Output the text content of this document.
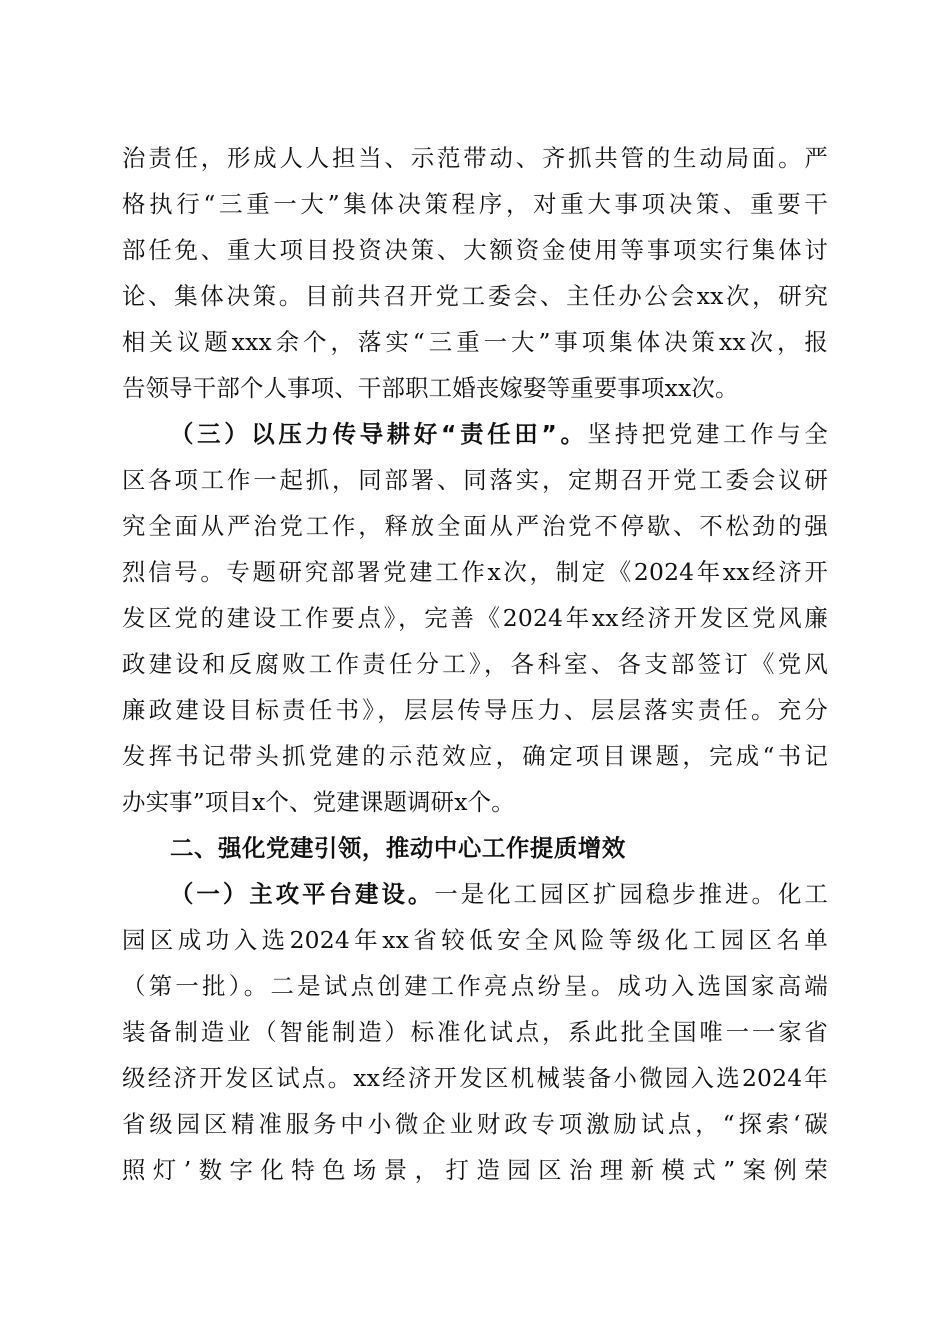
治责任，形成人人担当、示范带动、齐抓共管的生动局面。严
格执行“三重一大”集体决策程序，对重大事项决策、重要干
部任免、重大项目投资决策、大额资金使用等事项实行集体讨
论、集体决策。目前共召开党工委会、主任办公会xx次，研究
相关议题xxx余个，落实“三重一大”事项集体决策xx次，报
告领导干部个人事项、干部职工婚丧嫁娶等重要事项xx次。
（三）以压力传导耕好“责任田”。坚持把党建工作与全
区各项工作一起抓，同部署、同落实，定期召开党工委会议研
究全面从严治党工作，释放全面从严治党不停歇、不松劲的强
烈信号。专题研究部署党建工作x次，制定《2024年xx经济开
发区党的建设工作要点》，完善《2024年xx经济开发区党风廉
政建设和反腐败工作责任分工》，各科室、各支部签订《党风
廉政建设目标责任书》，层层传导压力、层层落实责任。充分
发挥书记带头抓党建的示范效应，确定项目课题，完成“书记
办实事”项目x个、党建课题调研x个。
二、强化党建引领，推动中心工作提质增效
（一）主攻平台建设。一是化工园区扩园稳步推进。化工
园区成功入选2024年xx省较低安全风险等级化工园区名单
（第一批）。二是试点创建工作亮点纷呈。成功入选国家高端
装备制造业（智能制造）标准化试点，系此批全国唯一一家省
级经济开发区试点。xx经济开发区机械装备小微园入选2024年
省级园区精准服务中小微企业财政专项激励试点，“探索‘碳
照灯’数字化特色场景，打造园区治理新模式”案例荣
